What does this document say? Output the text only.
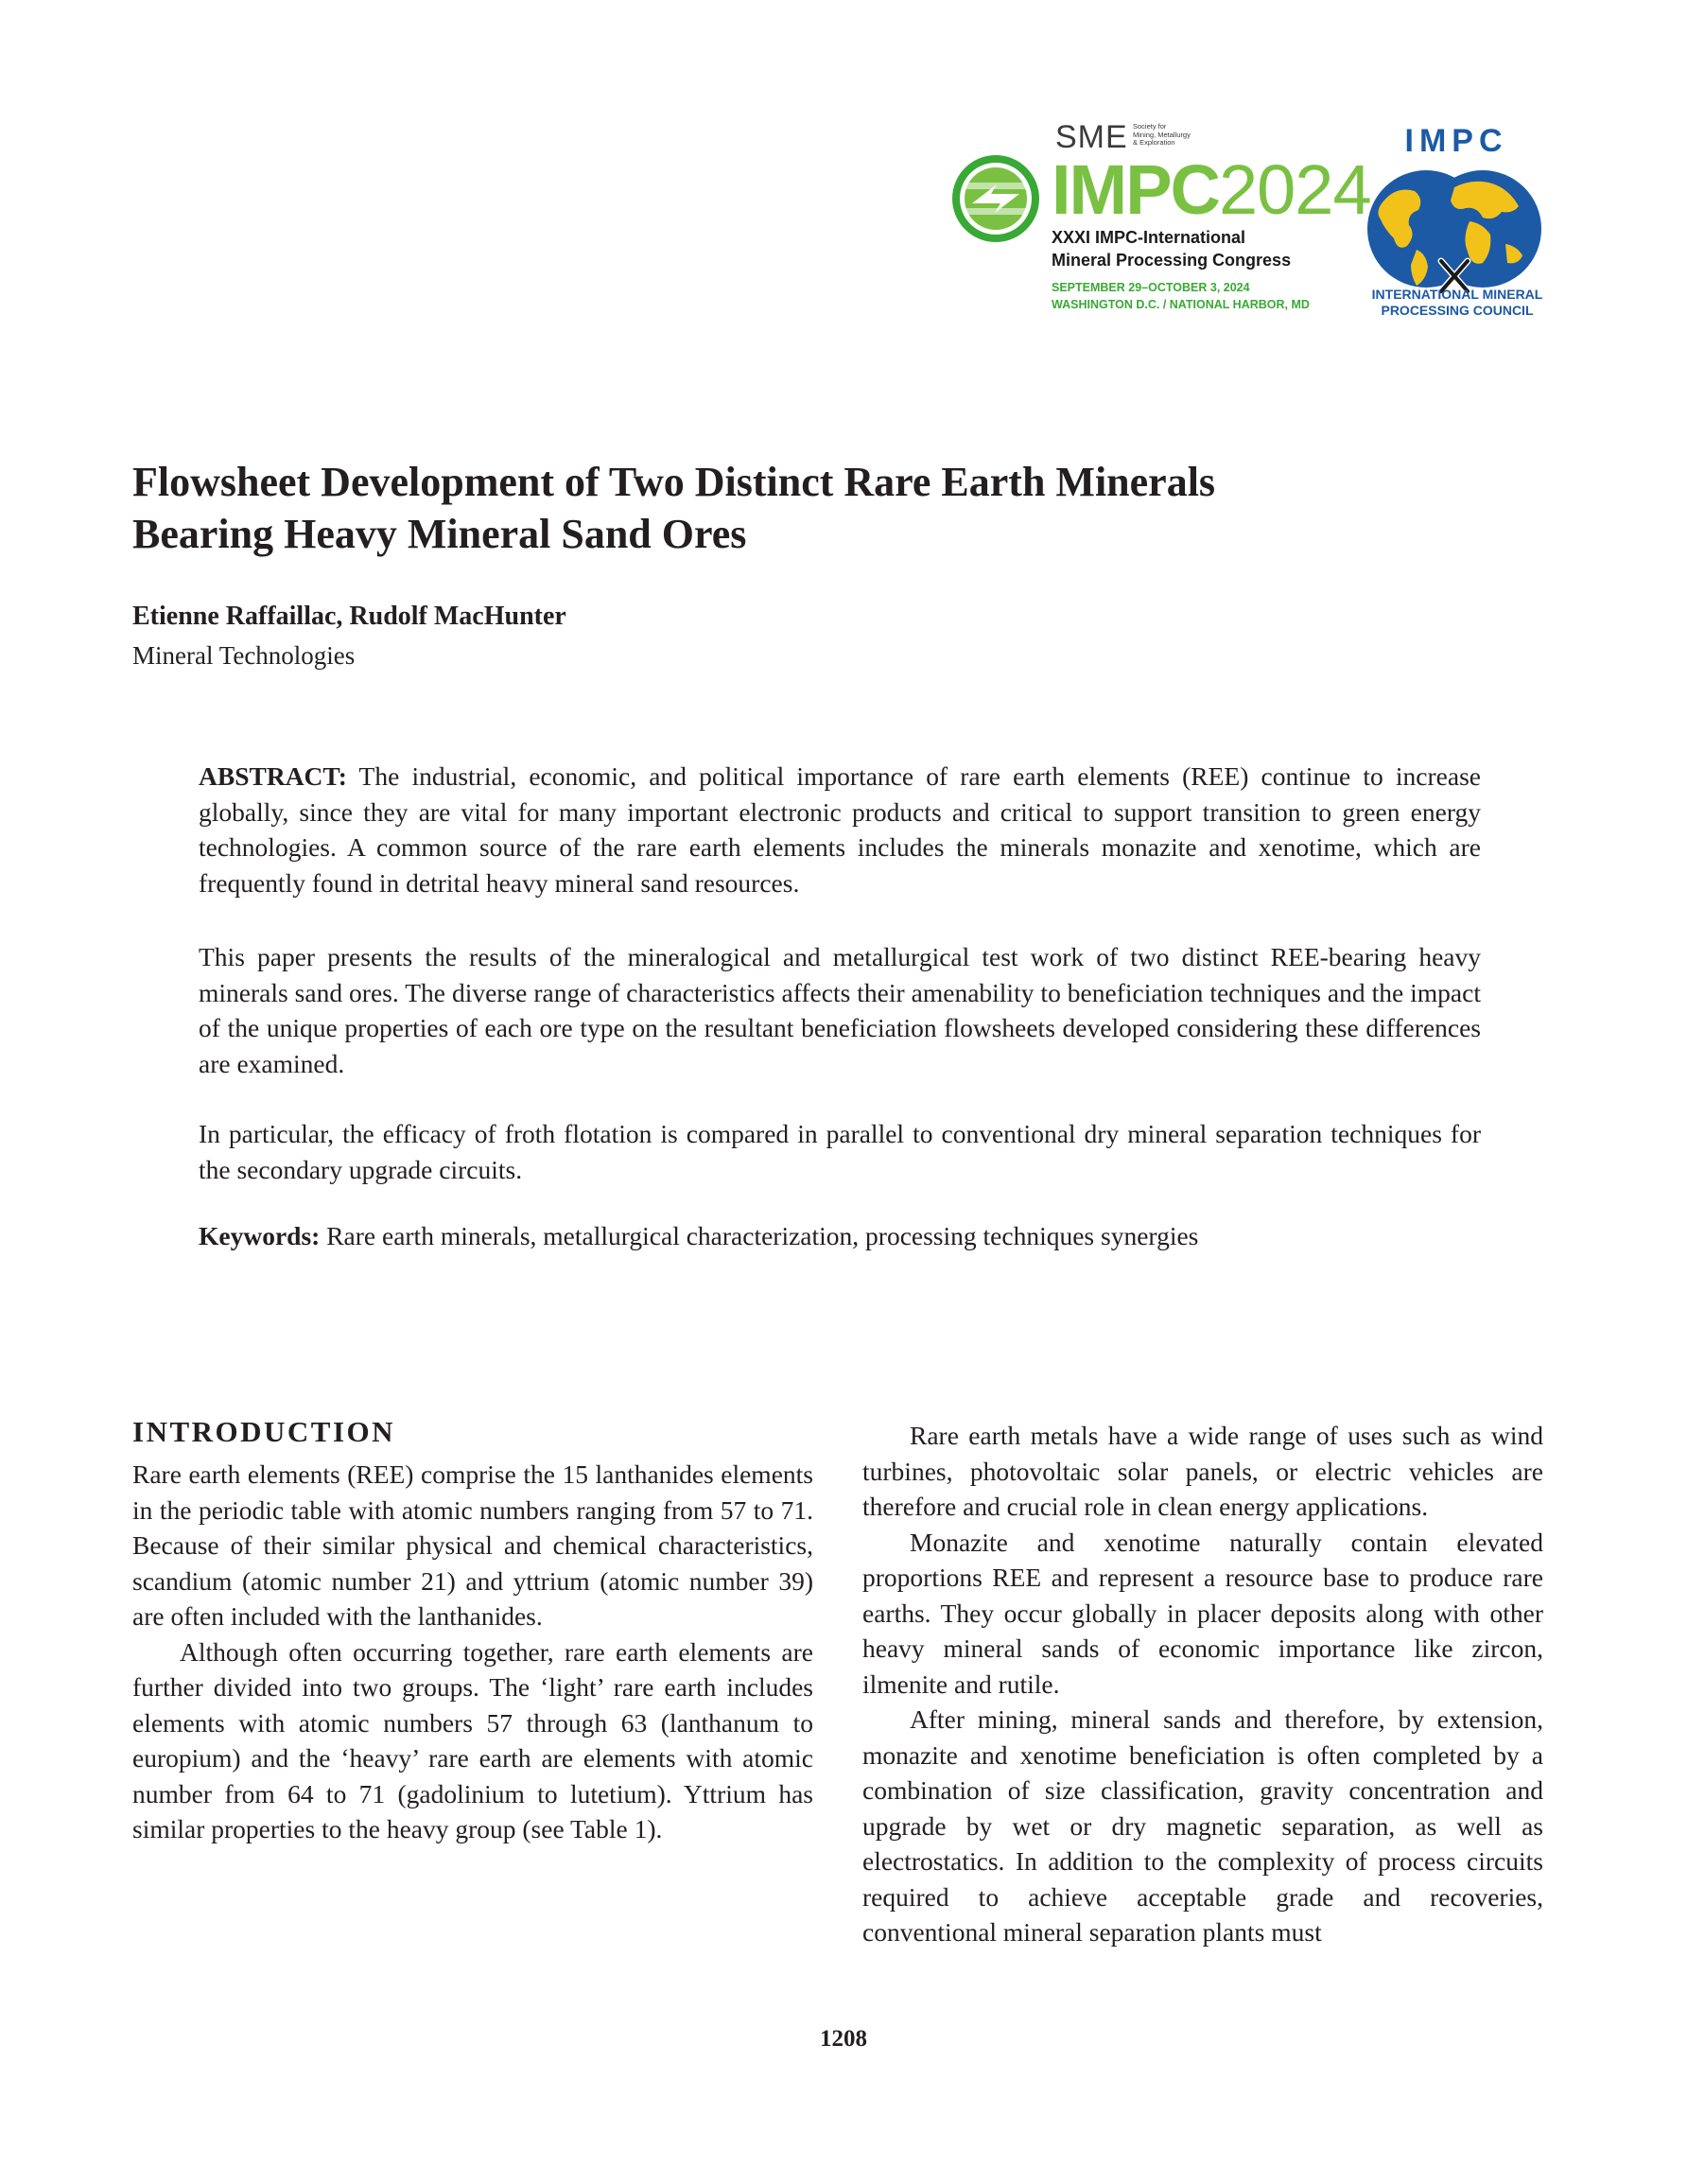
SME Society for
Mining, Metallurgy
& Exploration
IMPC2024
XXXI IMPC-International
Mineral Processing Congress
SEPTEMBER 29–OCTOBER 3, 2024
WASHINGTON D.C. / NATIONAL HARBOR, MD
IMPC
INTERNATIONAL MINERAL
PROCESSING COUNCIL
Flowsheet Development of Two Distinct Rare Earth Minerals
Bearing Heavy Mineral Sand Ores

Etienne Raffaillac, Rudolf MacHunter

Mineral Technologies

ABSTRACT: The industrial, economic, and political importance of rare earth elements (REE) continue to increase globally, since they are vital for many important electronic products and critical to support transition to green energy technologies. A common source of the rare earth elements includes the minerals monazite and xenotime, which are frequently found in detrital heavy mineral sand resources.

This paper presents the results of the mineralogical and metallurgical test work of two distinct REE-bearing heavy minerals sand ores. The diverse range of characteristics affects their amenability to beneficiation techniques and the impact of the unique properties of each ore type on the resultant beneficiation flowsheets developed considering these differences are examined.

In particular, the efficacy of froth flotation is compared in parallel to conventional dry mineral separation techniques for the secondary upgrade circuits.

Keywords: Rare earth minerals, metallurgical characterization, processing techniques synergies

INTRODUCTION

Rare earth elements (REE) comprise the 15 lanthanides elements in the periodic table with atomic numbers ranging from 57 to 71. Because of their similar physical and chemical characteristics, scandium (atomic number 21) and yttrium (atomic number 39) are often included with the lanthanides.

Although often occurring together, rare earth elements are further divided into two groups. The ‘light’ rare earth includes elements with atomic numbers 57 through 63 (lanthanum to europium) and the ‘heavy’ rare earth are elements with atomic number from 64 to 71 (gadolinium to lutetium). Yttrium has similar properties to the heavy group (see Table 1).

Rare earth metals have a wide range of uses such as wind turbines, photovoltaic solar panels, or electric vehicles are therefore and crucial role in clean energy applications.

Monazite and xenotime naturally contain elevated proportions REE and represent a resource base to produce rare earths. They occur globally in placer deposits along with other heavy mineral sands of economic importance like zircon, ilmenite and rutile.

After mining, mineral sands and therefore, by extension, monazite and xenotime beneficiation is often completed by a combination of size classification, gravity concentration and upgrade by wet or dry magnetic separation, as well as electrostatics. In addition to the complexity of process circuits required to achieve acceptable grade and recoveries, conventional mineral separation plants must

1208
